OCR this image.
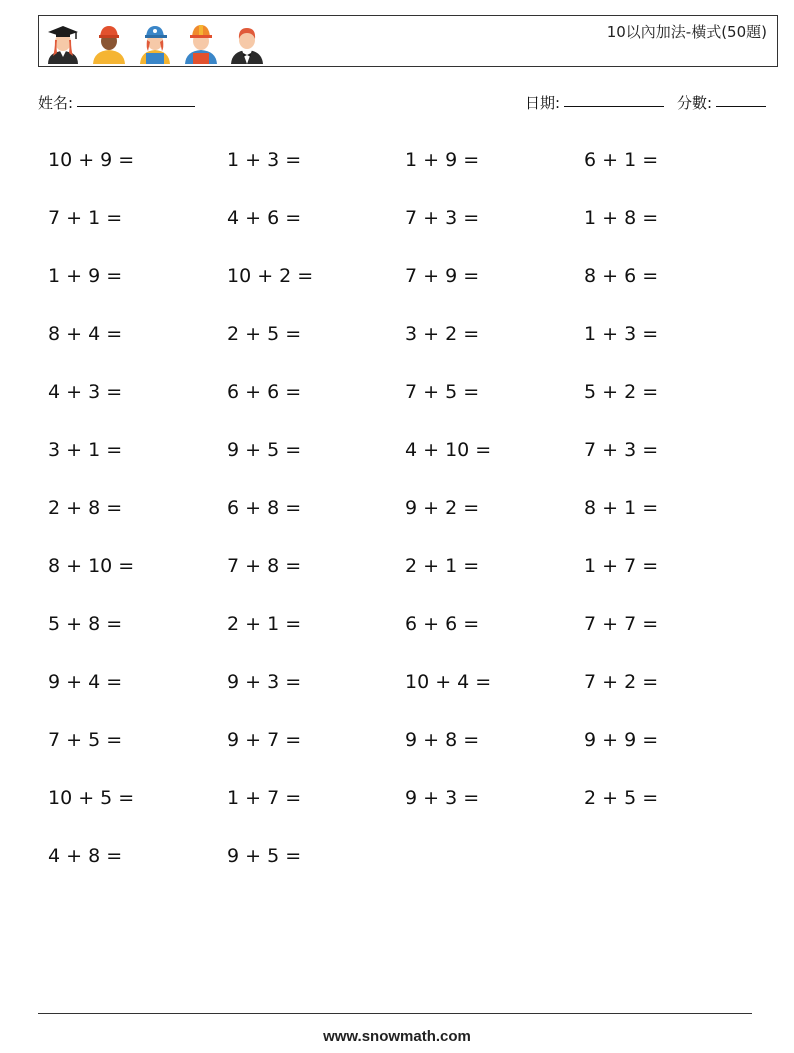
10以內加法-橫式(50題)
姓名:	日期:	分數:
10 + 9 =	1 + 3 =	1 + 9 =	6 + 1 =
7 + 1 =	4 + 6 =	7 + 3 =	1 + 8 =
1 + 9 =	10 + 2 =	7 + 9 =	8 + 6 =
8 + 4 =	2 + 5 =	3 + 2 =	1 + 3 =
4 + 3 =	6 + 6 =	7 + 5 =	5 + 2 =
3 + 1 =	9 + 5 =	4 + 10 =	7 + 3 =
2 + 8 =	6 + 8 =	9 + 2 =	8 + 1 =
8 + 10 =	7 + 8 =	2 + 1 =	1 + 7 =
5 + 8 =	2 + 1 =	6 + 6 =	7 + 7 =
9 + 4 =	9 + 3 =	10 + 4 =	7 + 2 =
7 + 5 =	9 + 7 =	9 + 8 =	9 + 9 =
10 + 5 =	1 + 7 =	9 + 3 =	2 + 5 =
4 + 8 =	9 + 5 =
www.snowmath.com
